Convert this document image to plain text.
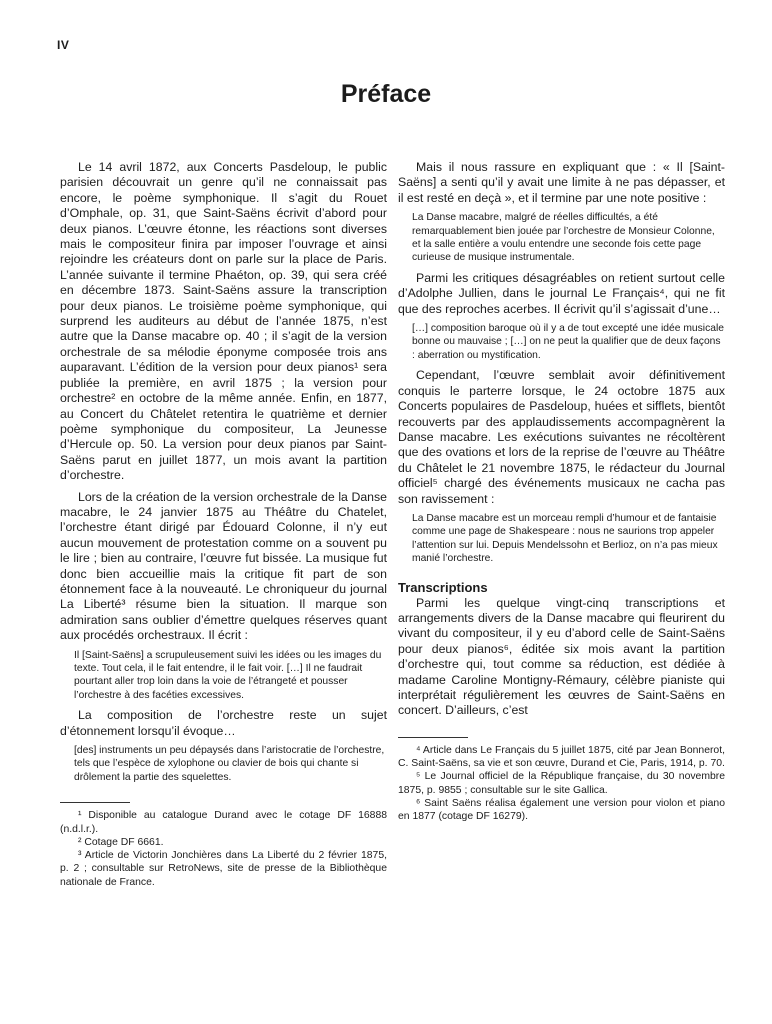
IV
Préface

Le 14 avril 1872, aux Concerts Pasdeloup, le public parisien découvrait un genre qu’il ne connaissait pas encore, le poème symphonique. Il s’agit du Rouet d’Omphale, op. 31, que Saint-Saëns écrivit d’abord pour deux pianos. L’œuvre étonne, les réactions sont diverses mais le compositeur finira par imposer l’ouvrage et ainsi rejoindre les créateurs dont on parle sur la place de Paris. L’année suivante il termine Phaéton, op. 39, qui sera créé en décembre 1873. Saint-Saëns assure la transcription pour deux pianos. Le troisième poème symphonique, qui surprend les auditeurs au début de l’année 1875, n’est autre que la Danse macabre op. 40 ; il s’agit de la version orchestrale de sa mélodie éponyme composée trois ans auparavant. L’édition de la version pour deux pianos¹ sera publiée la première, en avril 1875 ; la version pour orchestre² en octobre de la même année. Enfin, en 1877, au Concert du Châtelet retentira le quatrième et dernier poème symphonique du compositeur, La Jeunesse d’Hercule op. 50. La version pour deux pianos par Saint-Saëns parut en juillet 1877, un mois avant la partition d’orchestre.

Lors de la création de la version orchestrale de la Danse macabre, le 24 janvier 1875 au Théâtre du Chatelet, l’orchestre étant dirigé par Édouard Colonne, il n’y eut aucun mouvement de protestation comme on a souvent pu le lire ; bien au contraire, l’œuvre fut bissée. La musique fut donc bien accueillie mais la critique fit part de son étonnement face à la nouveauté. Le chroniqueur du journal La Liberté³ résume bien la situation. Il marque son admiration sans oublier d’émettre quelques réserves quant aux procédés orchestraux. Il écrit :

Il [Saint-Saëns] a scrupuleusement suivi les idées ou les images du texte. Tout cela, il le fait entendre, il le fait voir. […] Il ne faudrait pourtant aller trop loin dans la voie de l’étrangeté et pousser l’orchestre à des facéties excessives.

La composition de l’orchestre reste un sujet d’étonnement lorsqu’il évoque…

[des] instruments un peu dépaysés dans l’aristocratie de l’orchestre, tels que l’espèce de xylophone ou clavier de bois qui chante si drôlement la partie des squelettes.

¹ Disponible au catalogue Durand avec le cotage DF 16888 (n.d.l.r.).

² Cotage DF 6661.

³ Article de Victorin Jonchières dans La Liberté du 2 février 1875, p. 2 ; consultable sur RetroNews, site de presse de la Bibliothèque nationale de France.

Mais il nous rassure en expliquant que : « Il [Saint-Saëns] a senti qu’il y avait une limite à ne pas dépasser, et il est resté en deçà », et il termine par une note positive :

La Danse macabre, malgré de réelles difficultés, a été remarquablement bien jouée par l’orchestre de Monsieur Colonne, et la salle entière a voulu entendre une seconde fois cette page curieuse de musique instrumentale.

Parmi les critiques désagréables on retient surtout celle d’Adolphe Jullien, dans le journal Le Français⁴, qui ne fit que des reproches acerbes. Il écrivit qu’il s’agissait d’une…

[…] composition baroque où il y a de tout excepté une idée musicale bonne ou mauvaise ; […] on ne peut la qualifier que de deux façons : aberration ou mystification.

Cependant, l’œuvre semblait avoir définitivement conquis le parterre lorsque, le 24 octobre 1875 aux Concerts populaires de Pasdeloup, huées et sifflets, bientôt recouverts par des applaudissements accompagnèrent la Danse macabre. Les exécutions suivantes ne récoltèrent que des ovations et lors de la reprise de l’œuvre au Théâtre du Châtelet le 21 novembre 1875, le rédacteur du Journal officiel⁵ chargé des événements musicaux ne cacha pas son ravissement :

La Danse macabre est un morceau rempli d’humour et de fantaisie comme une page de Shakespeare : nous ne saurions trop appeler l’attention sur lui. Depuis Mendelssohn et Berlioz, on n’a pas mieux manié l’orchestre.
Transcriptions

Parmi les quelque vingt-cinq transcriptions et arrangements divers de la Danse macabre qui fleurirent du vivant du compositeur, il y eu d’abord celle de Saint-Saëns pour deux pianos⁶, éditée six mois avant la partition d’orchestre qui, tout comme sa réduction, est dédiée à madame Caroline Montigny-Rémaury, célèbre pianiste qui interprétait régulièrement les œuvres de Saint-Saëns en concert. D’ailleurs, c’est

⁴ Article dans Le Français du 5 juillet 1875, cité par Jean Bonnerot, C. Saint-Saëns, sa vie et son œuvre, Durand et Cie, Paris, 1914, p. 70.

⁵ Le Journal officiel de la République française, du 30 novembre 1875, p. 9855 ; consultable sur le site Gallica.

⁶ Saint Saëns réalisa également une version pour violon et piano en 1877 (cotage DF 16279).
